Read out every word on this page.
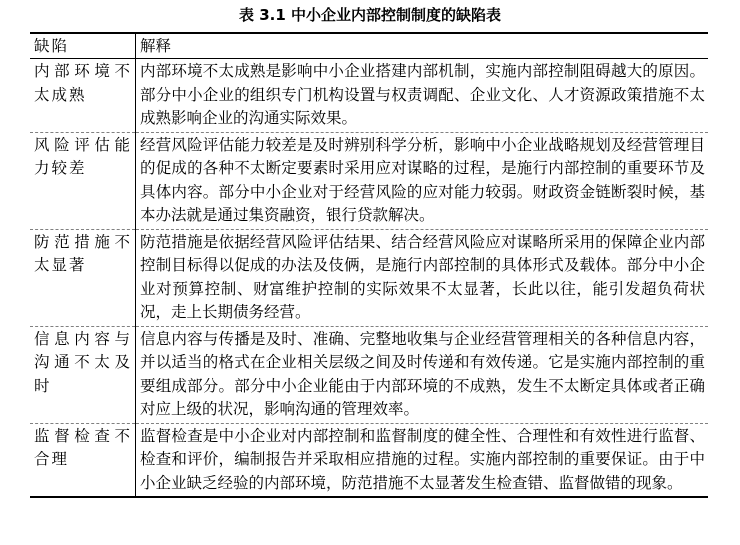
表 3.1 中小企业内部控制制度的缺陷表
缺陷	解释
内部环境不太成熟	内部环境不太成熟是影响中小企业搭建内部机制，实施内部控制阻碍越大的原因。部分中小企业的组织专门机构设置与权责调配、企业文化、人才资源政策措施不太成熟影响企业的沟通实际效果。
风险评估能力较差	经营风险评估能力较差是及时辨别科学分析，影响中小企业战略规划及经营管理目的促成的各种不太断定要素时采用应对谋略的过程，是施行内部控制的重要环节及具体内容。部分中小企业对于经营风险的应对能力较弱。财政资金链断裂时候，基本办法就是通过集资融资，银行贷款解决。
防范措施不太显著	防范措施是依据经营风险评估结果、结合经营风险应对谋略所采用的保障企业内部控制目标得以促成的办法及伎俩，是施行内部控制的具体形式及载体。部分中小企业对预算控制、财富维护控制的实际效果不太显著，长此以往，能引发超负荷状况，走上长期债务经营。
信息内容与沟通不太及时	信息内容与传播是及时、准确、完整地收集与企业经营管理相关的各种信息内容，并以适当的格式在企业相关层级之间及时传递和有效传递。它是实施内部控制的重要组成部分。部分中小企业能由于内部环境的不成熟，发生不太断定具体或者正确对应上级的状况，影响沟通的管理效率。
监督检查不合理	监督检查是中小企业对内部控制和监督制度的健全性、合理性和有效性进行监督、检查和评价，编制报告并采取相应措施的过程。实施内部控制的重要保证。由于中小企业缺乏经验的内部环境，防范措施不太显著发生检查错、监督做错的现象。
